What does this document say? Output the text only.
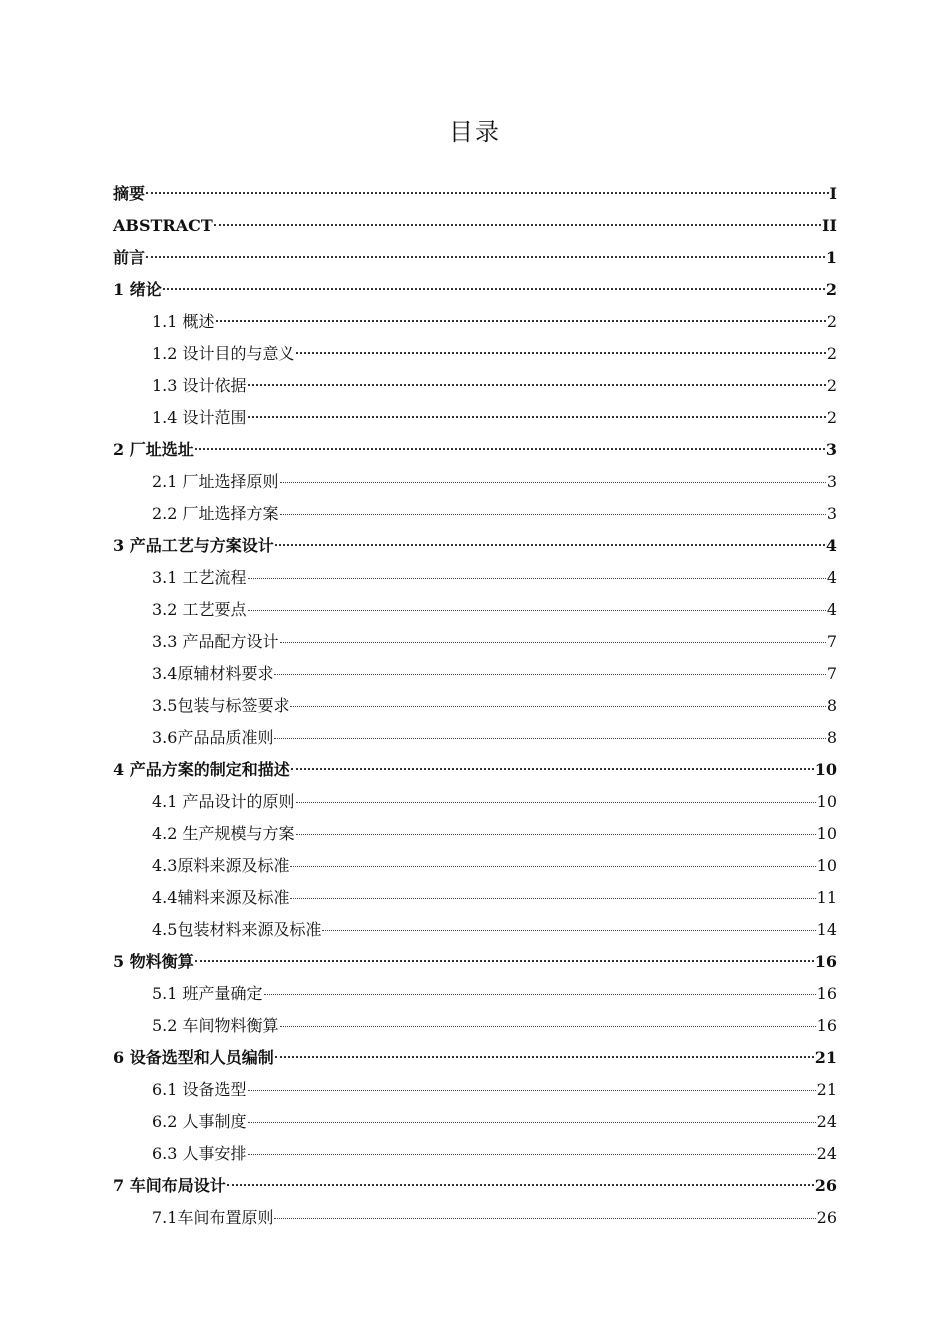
目录
摘要	I
ABSTRACT	II
前言	1
1 绪论	2
1.1 概述	2
1.2 设计目的与意义	2
1.3 设计依据	2
1.4 设计范围	2
2 厂址选址	3
2.1 厂址选择原则	3
2.2 厂址选择方案	3
3 产品工艺与方案设计	4
3.1 工艺流程	4
3.2 工艺要点	4
3.3 产品配方设计	7
3.4原辅材料要求	7
3.5包装与标签要求	8
3.6产品品质准则	8
4 产品方案的制定和描述	10
4.1 产品设计的原则	10
4.2 生产规模与方案	10
4.3原料来源及标准	10
4.4辅料来源及标准	11
4.5包装材料来源及标准	14
5 物料衡算	16
5.1 班产量确定	16
5.2 车间物料衡算	16
6 设备选型和人员编制	21
6.1 设备选型	21
6.2 人事制度	24
6.3 人事安排	24
7 车间布局设计	26
7.1车间布置原则	26
